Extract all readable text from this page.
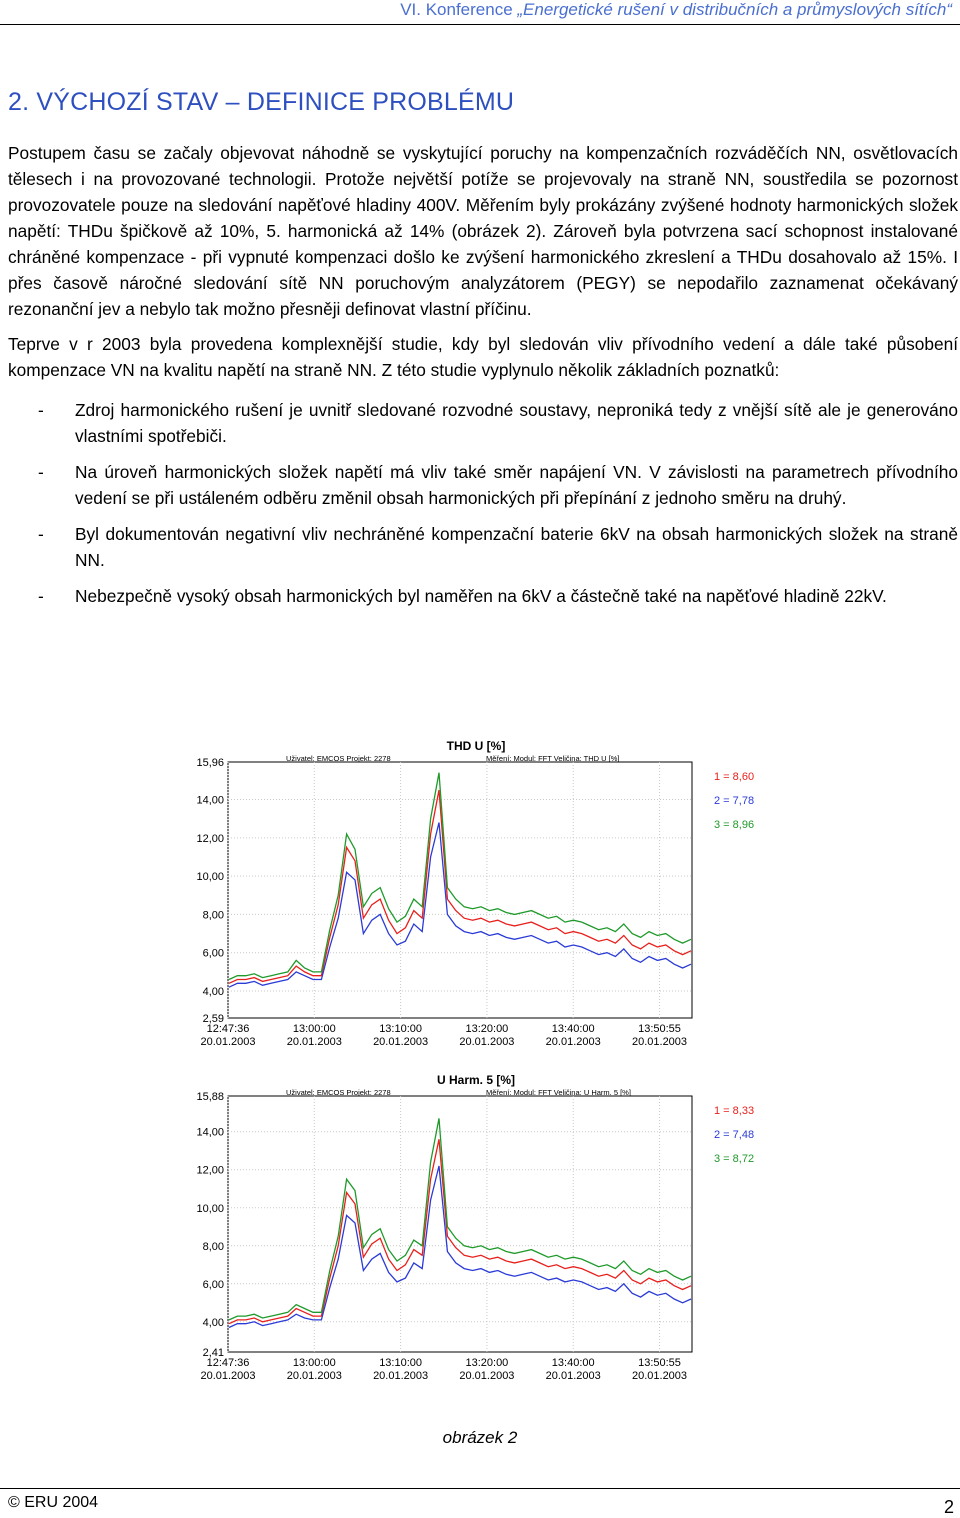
VI. Konference „Energetické rušení v distribučních a průmyslových sítích“
2. VÝCHOZÍ STAV – DEFINICE PROBLÉMU

Postupem času se začaly objevovat náhodně se vyskytující poruchy na kompenzačních rozváděčích NN, osvětlovacích tělesech i na provozované technologii. Protože největší potíže se projevovaly na straně NN, soustředila se pozornost provozovatele pouze na sledování napěťové hladiny 400V. Měřením byly prokázány zvýšené hodnoty harmonických složek napětí: THDu špičkově až 10%, 5. harmonická až 14% (obrázek 2). Zároveň byla potvrzena sací schopnost instalované chráněné kompenzace - při vypnuté kompenzaci došlo ke zvýšení harmonického zkreslení a THDu dosahovalo až 15%. I přes časově náročné sledování sítě NN poruchovým analyzátorem (PEGY) se nepodařilo zaznamenat očekávaný rezonanční jev a nebylo tak možno přesněji definovat vlastní příčinu.

Teprve v r 2003 byla provedena komplexnější studie, kdy byl sledován vliv přívodního vedení a dále také působení kompenzace VN na kvalitu napětí na straně NN. Z této studie vyplynulo několik základních poznatků:

- Zdroj harmonického rušení je uvnitř sledované rozvodné soustavy, neproniká tedy z vnější sítě ale je generováno vlastními spotřebiči.
- Na úroveň harmonických složek napětí má vliv také směr napájení VN. V závislosti na parametrech přívodního vedení se při ustáleném odběru změnil obsah harmonických při přepínání z jednoho směru na druhý.
- Byl dokumentován negativní vliv nechráněné kompenzační baterie 6kV na obsah harmonických složek na straně NN.
- Nebezpečně vysoký obsah harmonických byl naměřen na 6kV a částečně také na napěťové hladině 22kV.
THD U [%]
Uživatel: EMCOS Projekt: 2278	Měření: Modul: FFT Veličina: THD U [%]
15,96
14,00
12,00
10,00
8,00
6,00
4,00
2,59
12:47:36
20.01.2003
13:00:00
20.01.2003
13:10:00
20.01.2003
13:20:00
20.01.2003
13:40:00
20.01.2003
13:50:55
20.01.2003
1 = 8,60
2 = 7,78
3 = 8,96
U Harm. 5 [%]
Uživatel: EMCOS Projekt: 2278	Měření: Modul: FFT Veličina: U Harm. 5 [%]
15,88
14,00
12,00
10,00
8,00
6,00
4,00
2,41
12:47:36
20.01.2003
13:00:00
20.01.2003
13:10:00
20.01.2003
13:20:00
20.01.2003
13:40:00
20.01.2003
13:50:55
20.01.2003
1 = 8,33
2 = 7,48
3 = 8,72
obrázek 2
© ERU 2004	2
